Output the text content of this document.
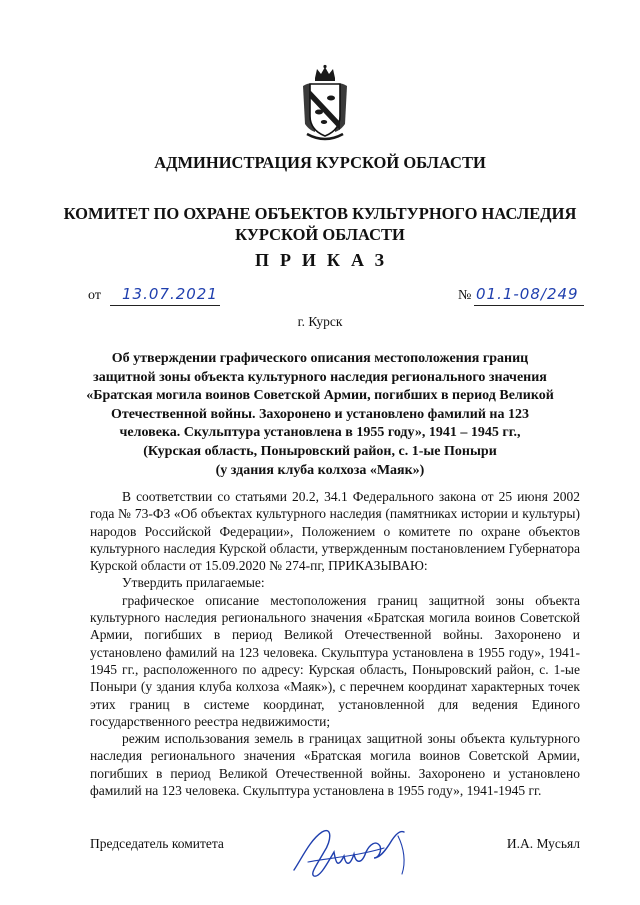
АДМИНИСТРАЦИЯ КУРСКОЙ ОБЛАСТИ
КОМИТЕТ ПО ОХРАНЕ ОБЪЕКТОВ КУЛЬТУРНОГО НАСЛЕДИЯ
КУРСКОЙ ОБЛАСТИ
ПРИКАЗ
от 13.07.2021	№ 01.1-08/249
г. Курск
Об утверждении графического описания местоположения границ
защитной зоны объекта культурного наследия регионального значения
«Братская могила воинов Советской Армии, погибших в период Великой
Отечественной войны. Захоронено и установлено фамилий на 123
человека. Скульптура установлена в 1955 году», 1941 – 1945 гг.,
(Курская область, Поныровский район, с. 1-ые Поныри
(у здания клуба колхоза «Маяк»)

В соответствии со статьями 20.2, 34.1 Федерального закона от 25 июня 2002 года № 73-ФЗ «Об объектах культурного наследия (памятниках истории и культуры) народов Российской Федерации», Положением о комитете по охране объектов культурного наследия Курской области, утвержденным постановлением Губернатора Курской области от 15.09.2020 № 274-пг, ПРИКАЗЫВАЮ:

Утвердить прилагаемые:

графическое описание местоположения границ защитной зоны объекта культурного наследия регионального значения «Братская могила воинов Советской Армии, погибших в период Великой Отечественной войны. Захоронено и установлено фамилий на 123 человека. Скульптура установлена в 1955 году», 1941-1945 гг., расположенного по адресу: Курская область, Поныровский район, с. 1-ые Поныри (у здания клуба колхоза «Маяк»), с перечнем координат характерных точек этих границ в системе координат, установленной для ведения Единого государственного реестра недвижимости;

режим использования земель в границах защитной зоны объекта культурного наследия регионального значения «Братская могила воинов Советской Армии, погибших в период Великой Отечественной войны. Захоронено и установлено фамилий на 123 человека. Скульптура установлена в 1955 году», 1941-1945 гг.

Председатель комитета	И.А. Мусьял
